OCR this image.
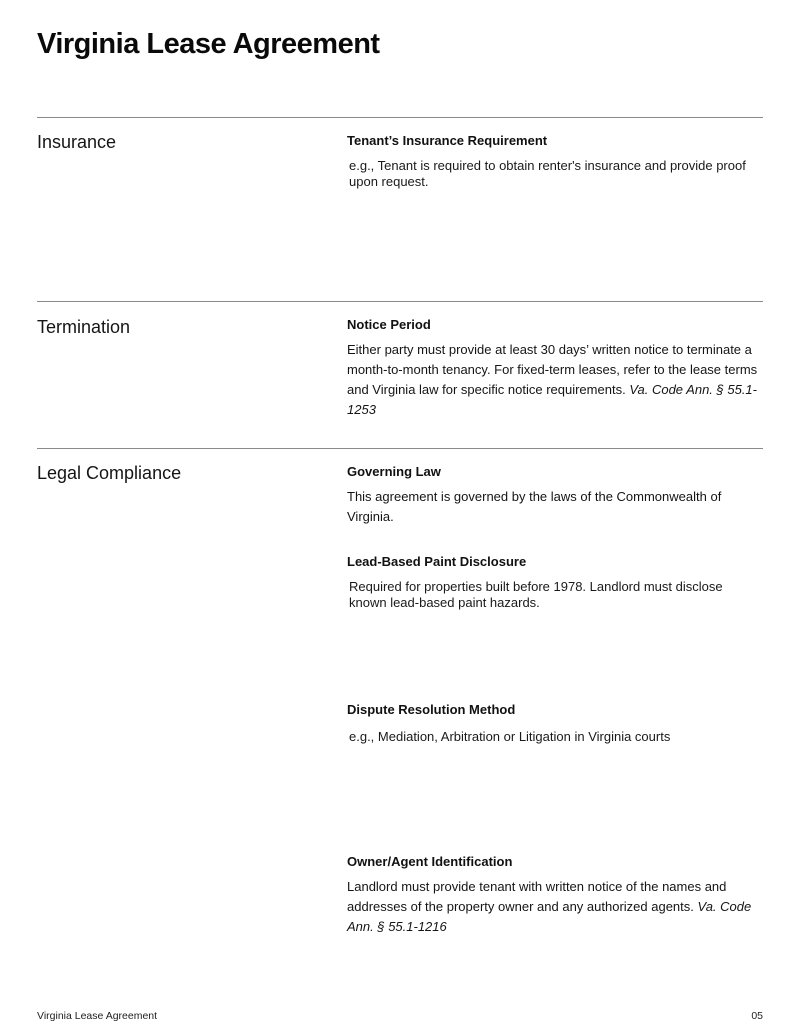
Virginia Lease Agreement
Insurance	Tenant’s Insurance Requirement
e.g., Tenant is required to obtain renter's insurance and provide proof upon request.
Termination	Notice Period

Either party must provide at least 30 days’ written notice to terminate a month-to-month tenancy. For fixed-term leases, refer to the lease terms and Virginia law for specific notice requirements. Va. Code Ann. § 55.1-1253

Legal Compliance	Governing Law

This agreement is governed by the laws of the Commonwealth of Virginia.

Lead-Based Paint Disclosure
Required for properties built before 1978. Landlord must disclose known lead-based paint hazards.
Dispute Resolution Method
e.g., Mediation, Arbitration or Litigation in Virginia courts
Owner/Agent Identification

Landlord must provide tenant with written notice of the names and addresses of the property owner and any authorized agents. Va. Code Ann. § 55.1-1216

Virginia Lease Agreement	05
